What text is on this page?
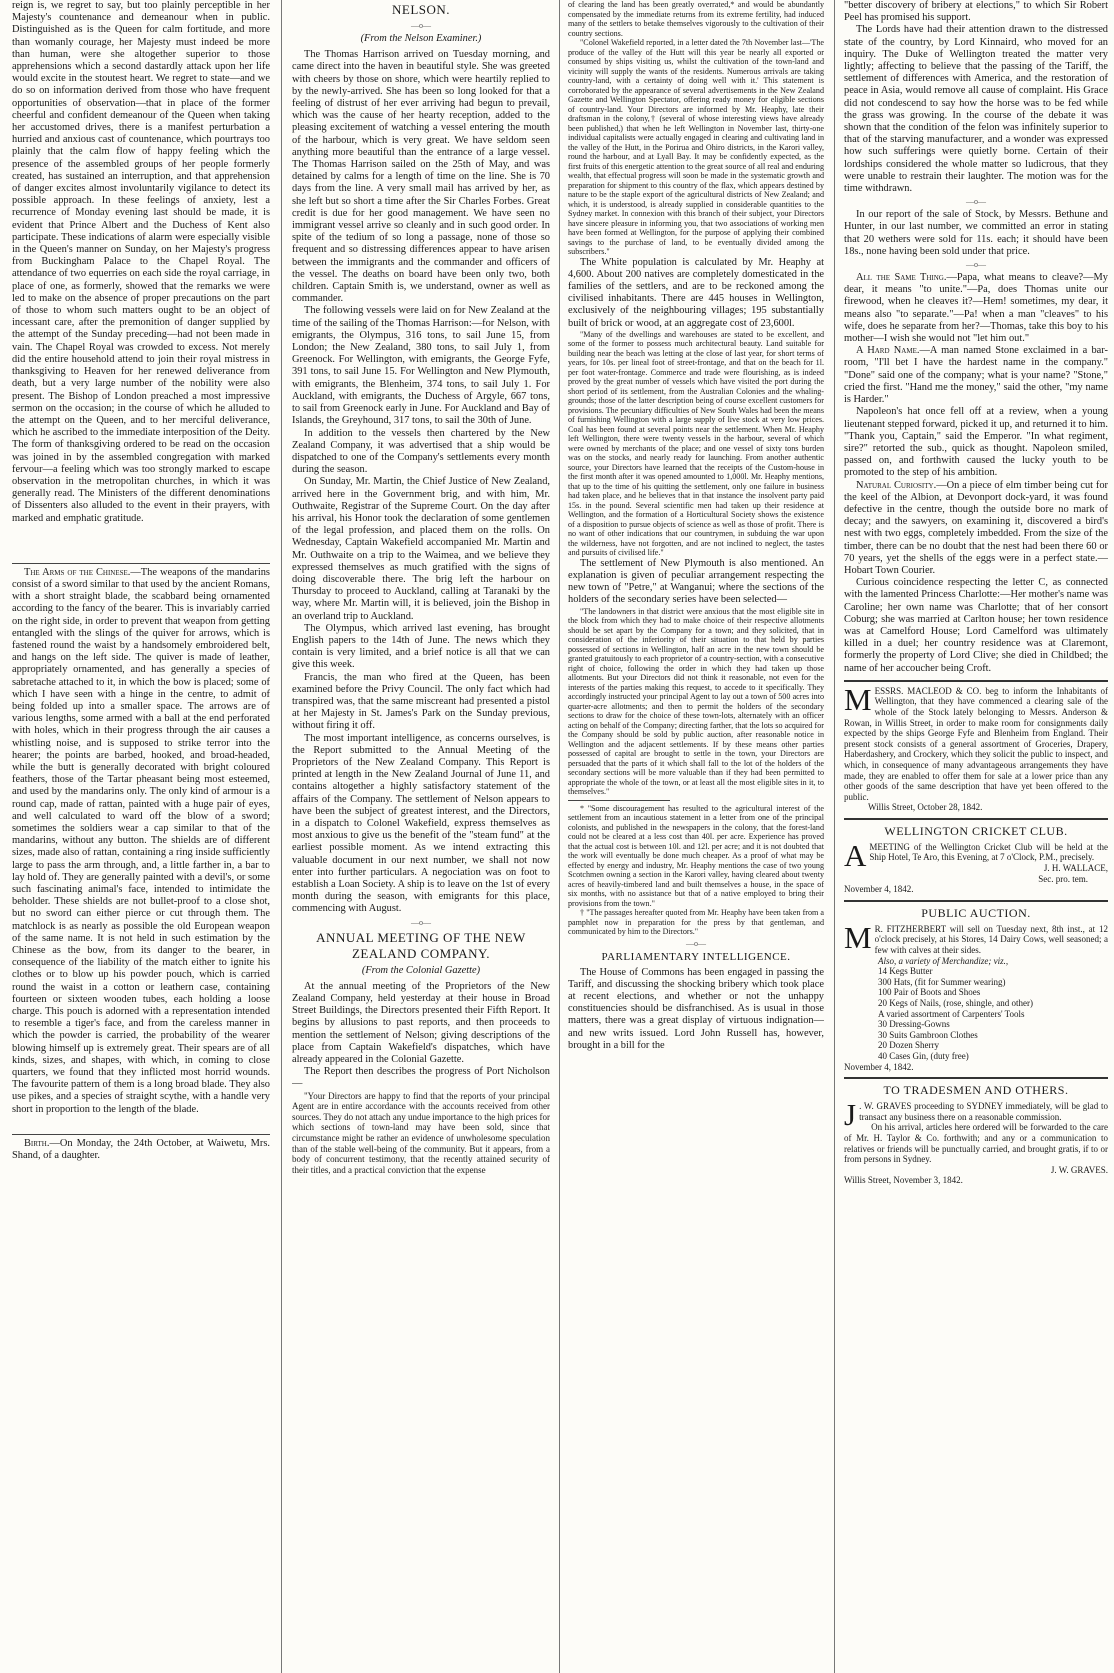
reign is, we regret to say, but too plainly perceptible in her Majesty's countenance and demeanour when in public. Distinguished as is the Queen for calm fortitude, and more than womanly courage, her Majesty must indeed be more than human, were she altogether superior to those apprehensions which a second dastardly attack upon her life would excite in the stoutest heart. We regret to state—and we do so on information derived from those who have frequent opportunities of observation—that in place of the former cheerful and confident demeanour of the Queen when taking her accustomed drives, there is a manifest perturbation a hurried and anxious cast of countenance, which pourtrays too plainly that the calm flow of happy feeling which the presence of the assembled groups of her people formerly created, has sustained an interruption, and that apprehension of danger excites almost involuntarily vigilance to detect its possible approach. In these feelings of anxiety, lest a recurrence of Monday evening last should be made, it is evident that Prince Albert and the Duchess of Kent also participate. These indications of alarm were especially visible in the Queen's manner on Sunday, on her Majesty's progress from Buckingham Palace to the Chapel Royal. The attendance of two equerries on each side the royal carriage, in place of one, as formerly, showed that the remarks we were led to make on the absence of proper precautions on the part of those to whom such matters ought to be an object of incessant care, after the premonition of danger supplied by the attempt of the Sunday preceding—had not been made in vain. The Chapel Royal was crowded to excess. Not merely did the entire household attend to join their royal mistress in thanksgiving to Heaven for her renewed deliverance from death, but a very large number of the nobility were also present. The Bishop of London preached a most impressive sermon on the occasion; in the course of which he alluded to the attempt on the Queen, and to her merciful deliverance, which he ascribed to the immediate interposition of the Deity. The form of thanksgiving ordered to be read on the occasion was joined in by the assembled congregation with marked fervour—a feeling which was too strongly marked to escape observation in the metropolitan churches, in which it was generally read. The Ministers of the different denominations of Dissenters also alluded to the event in their prayers, with marked and emphatic gratitude.

The Arms of the Chinese.—The weapons of the mandarins consist of a sword similar to that used by the ancient Romans, with a short straight blade, the scabbard being ornamented according to the fancy of the bearer. This is invariably carried on the right side, in order to prevent that weapon from getting entangled with the slings of the quiver for arrows, which is fastened round the waist by a handsomely embroidered belt, and hangs on the left side. The quiver is made of leather, appropriately ornamented, and has generally a species of sabretache attached to it, in which the bow is placed; some of which I have seen with a hinge in the centre, to admit of being folded up into a smaller space. The arrows are of various lengths, some armed with a ball at the end perforated with holes, which in their progress through the air causes a whistling noise, and is supposed to strike terror into the hearer; the points are barbed, hooked, and broad-headed, while the butt is generally decorated with bright coloured feathers, those of the Tartar pheasant being most esteemed, and used by the mandarins only. The only kind of armour is a round cap, made of rattan, painted with a huge pair of eyes, and well calculated to ward off the blow of a sword; sometimes the soldiers wear a cap similar to that of the mandarins, without any button. The shields are of different sizes, made also of rattan, containing a ring inside sufficiently large to pass the arm through, and, a little farther in, a bar to lay hold of. They are generally painted with a devil's, or some such fascinating animal's face, intended to intimidate the beholder. These shields are not bullet-proof to a close shot, but no sword can either pierce or cut through them. The matchlock is as nearly as possible the old European weapon of the same name. It is not held in such estimation by the Chinese as the bow, from its danger to the bearer, in consequence of the liability of the match either to ignite his clothes or to blow up his powder pouch, which is carried round the waist in a cotton or leathern case, containing fourteen or sixteen wooden tubes, each holding a loose charge. This pouch is adorned with a representation intended to resemble a tiger's face, and from the careless manner in which the powder is carried, the probability of the wearer blowing himself up is extremely great. Their spears are of all kinds, sizes, and shapes, with which, in coming to close quarters, we found that they inflicted most horrid wounds. The favourite pattern of them is a long broad blade. They also use pikes, and a species of straight scythe, with a handle very short in proportion to the length of the blade.

Birth.—On Monday, the 24th October, at Waiwetu, Mrs. Shand, of a daughter.

NELSON.
—o—
(From the Nelson Examiner.)

The Thomas Harrison arrived on Tuesday morning, and came direct into the haven in beautiful style. She was greeted with cheers by those on shore, which were heartily replied to by the newly-arrived. She has been so long looked for that a feeling of distrust of her ever arriving had begun to prevail, which was the cause of her hearty reception, added to the pleasing excitement of watching a vessel entering the mouth of the harbour, which is very great. We have seldom seen anything more beautiful than the entrance of a large vessel. The Thomas Harrison sailed on the 25th of May, and was detained by calms for a length of time on the line. She is 70 days from the line. A very small mail has arrived by her, as she left but so short a time after the Sir Charles Forbes. Great credit is due for her good management. We have seen no immigrant vessel arrive so cleanly and in such good order. In spite of the tedium of so long a passage, none of those so frequent and so distressing differences appear to have arisen between the immigrants and the commander and officers of the vessel. The deaths on board have been only two, both children. Captain Smith is, we understand, owner as well as commander.

The following vessels were laid on for New Zealand at the time of the sailing of the Thomas Harrison:—for Nelson, with emigrants, the Olympus, 316 tons, to sail June 15, from London; the New Zealand, 380 tons, to sail July 1, from Greenock. For Wellington, with emigrants, the George Fyfe, 391 tons, to sail June 15. For Wellington and New Plymouth, with emigrants, the Blenheim, 374 tons, to sail July 1. For Auckland, with emigrants, the Duchess of Argyle, 667 tons, to sail from Greenock early in June. For Auckland and Bay of Islands, the Greyhound, 317 tons, to sail the 30th of June.

In addition to the vessels then chartered by the New Zealand Company, it was advertised that a ship would be dispatched to one of the Company's settlements every month during the season.

On Sunday, Mr. Martin, the Chief Justice of New Zealand, arrived here in the Government brig, and with him, Mr. Outhwaite, Registrar of the Supreme Court. On the day after his arrival, his Honor took the declaration of some gentlemen of the legal profession, and placed them on the rolls. On Wednesday, Captain Wakefield accompanied Mr. Martin and Mr. Outhwaite on a trip to the Waimea, and we believe they expressed themselves as much gratified with the signs of doing discoverable there. The brig left the harbour on Thursday to proceed to Auckland, calling at Taranaki by the way, where Mr. Martin will, it is believed, join the Bishop in an overland trip to Auckland.

The Olympus, which arrived last evening, has brought English papers to the 14th of June. The news which they contain is very limited, and a brief notice is all that we can give this week.

Francis, the man who fired at the Queen, has been examined before the Privy Council. The only fact which had transpired was, that the same miscreant had presented a pistol at her Majesty in St. James's Park on the Sunday previous, without firing it off.

The most important intelligence, as concerns ourselves, is the Report submitted to the Annual Meeting of the Proprietors of the New Zealand Company. This Report is printed at length in the New Zealand Journal of June 11, and contains altogether a highly satisfactory statement of the affairs of the Company. The settlement of Nelson appears to have been the subject of greatest interest, and the Directors, in a dispatch to Colonel Wakefield, express themselves as most anxious to give us the benefit of the "steam fund" at the earliest possible moment. As we intend extracting this valuable document in our next number, we shall not now enter into further particulars. A negociation was on foot to establish a Loan Society. A ship is to leave on the 1st of every month during the season, with emigrants for this place, commencing with August.

—o—
ANNUAL MEETING OF THE NEW ZEALAND COMPANY.
(From the Colonial Gazette)

At the annual meeting of the Proprietors of the New Zealand Company, held yesterday at their house in Broad Street Buildings, the Directors presented their Fifth Report. It begins by allusions to past reports, and then proceeds to mention the settlement of Nelson; giving descriptions of the place from Captain Wakefield's dispatches, which have already appeared in the Colonial Gazette.

The Report then describes the progress of Port Nicholson—

"Your Directors are happy to find that the reports of your principal Agent are in entire accordance with the accounts received from other sources. They do not attach any undue importance to the high prices for which sections of town-land may have been sold, since that circumstance might be rather an evidence of unwholesome speculation than of the stable well-being of the community. But it appears, from a body of concurrent testimony, that the recently attained security of their titles, and a practical conviction that the expense

of clearing the land has been greatly overrated,* and would be abundantly compensated by the immediate returns from its extreme fertility, had induced many of the settlers to betake themselves vigorously to the cultivation of their country sections.

"Colonel Wakefield reported, in a letter dated the 7th November last—'The produce of the valley of the Hutt will this year be nearly all exported or consumed by ships visiting us, whilst the cultivation of the town-land and vicinity will supply the wants of the residents. Numerous arrivals are taking country-land, with a certainty of doing well with it.' This statement is corroborated by the appearance of several advertisements in the New Zealand Gazette and Wellington Spectator, offering ready money for eligible sections of country-land. Your Directors are informed by Mr. Heaphy, late their draftsman in the colony,† (several of whose interesting views have already been published,) that when he left Wellington in November last, thirty-one individual capitalists were actually engaged in clearing and cultivating land in the valley of the Hutt, in the Porirua and Ohiro districts, in the Karori valley, round the harbour, and at Lyall Bay. It may be confidently expected, as the first fruits of this energetic attention to the great source of all real and enduring wealth, that effectual progress will soon be made in the systematic growth and preparation for shipment to this country of the flax, which appears destined by nature to be the staple export of the agricultural districts of New Zealand; and which, it is understood, is already supplied in considerable quantities to the Sydney market. In connexion with this branch of their subject, your Directors have sincere pleasure in informing you, that two associations of working men have been formed at Wellington, for the purpose of applying their combined savings to the purchase of land, to be eventually divided among the subscribers."

The White population is calculated by Mr. Heaphy at 4,600. About 200 natives are completely domesticated in the families of the settlers, and are to be reckoned among the civilised inhabitants. There are 445 houses in Wellington, exclusively of the neighbouring villages; 195 substantially built of brick or wood, at an aggregate cost of 23,600l.

"Many of the dwellings and warehouses are stated to be excellent, and some of the former to possess much architectural beauty. Land suitable for building near the beach was letting at the close of last year, for short terms of years, for 10s. per lineal foot of street-frontage, and that on the beach for 1l. per foot water-frontage. Commerce and trade were flourishing, as is indeed proved by the great number of vessels which have visited the port during the short period of its settlement, from the Australian Colonies and the whaling-grounds; those of the latter description being of course excellent customers for provisions. The pecuniary difficulties of New South Wales had been the means of furnishing Wellington with a large supply of live stock at very low prices. Coal has been found at several points near the settlement. When Mr. Heaphy left Wellington, there were twenty vessels in the harbour, several of which were owned by merchants of the place; and one vessel of sixty tons burden was on the stocks, and nearly ready for launching. From another authentic source, your Directors have learned that the receipts of the Custom-house in the first month after it was opened amounted to 1,000l. Mr. Heaphy mentions, that up to the time of his quitting the settlement, only one failure in business had taken place, and he believes that in that instance the insolvent party paid 15s. in the pound. Several scientific men had taken up their residence at Wellington, and the formation of a Horticultural Society shows the existence of a disposition to pursue objects of science as well as those of profit. There is no want of other indications that our countrymen, in subduing the war upon the wilderness, have not forgotten, and are not inclined to neglect, the tastes and pursuits of civilised life."

The settlement of New Plymouth is also mentioned. An explanation is given of peculiar arrangement respecting the new town of "Petre," at Wanganui; where the sections of the holders of the secondary series have been selected—

"The landowners in that district were anxious that the most eligible site in the block from which they had to make choice of their respective allotments should be set apart by the Company for a town; and they solicited, that in consideration of the inferiority of their situation to that held by parties possessed of sections in Wellington, half an acre in the new town should be granted gratuitously to each proprietor of a country-section, with a consecutive right of choice, following the order in which they had taken up those allotments. But your Directors did not think it reasonable, not even for the interests of the parties making this request, to accede to it specifically. They accordingly instructed your principal Agent to lay out a town of 500 acres into quarter-acre allotments; and then to permit the holders of the secondary sections to draw for the choice of these town-lots, alternately with an officer acting on behalf of the Company; directing farther, that the lots so acquired for the Company should be sold by public auction, after reasonable notice in Wellington and the adjacent settlements. If by these means other parties possessed of capital are brought to settle in the town, your Directors are persuaded that the parts of it which shall fall to the lot of the holders of the secondary sections will be more valuable than if they had been permitted to appropriate the whole of the town, or at least all the most eligible sites in it, to themselves."

* "Some discouragement has resulted to the agricultural interest of the settlement from an incautious statement in a letter from one of the principal colonists, and published in the newspapers in the colony, that the forest-land could not be cleared at a less cost than 40l. per acre. Experience has proved that the actual cost is between 10l. and 12l. per acre; and it is not doubted that the work will eventually be done much cheaper. As a proof of what may be effected by energy and industry, Mr. Heaphy mentions the case of two young Scotchmen owning a section in the Karori valley, having cleared about twenty acres of heavily-timbered land and built themselves a house, in the space of six months, with no assistance but that of a native employed to bring their provisions from the town."

† "The passages hereafter quoted from Mr. Heaphy have been taken from a pamphlet now in preparation for the press by that gentleman, and communicated by him to the Directors."

—o—
PARLIAMENTARY INTELLIGENCE.

The House of Commons has been engaged in passing the Tariff, and discussing the shocking bribery which took place at recent elections, and whether or not the unhappy constituencies should be disfranchised. As is usual in those matters, there was a great display of virtuous indignation—and new writs issued. Lord John Russell has, however, brought in a bill for the

"better discovery of bribery at elections," to which Sir Robert Peel has promised his support.

The Lords have had their attention drawn to the distressed state of the country, by Lord Kinnaird, who moved for an inquiry. The Duke of Wellington treated the matter very lightly; affecting to believe that the passing of the Tariff, the settlement of differences with America, and the restoration of peace in Asia, would remove all cause of complaint. His Grace did not condescend to say how the horse was to be fed while the grass was growing. In the course of the debate it was shown that the condition of the felon was infinitely superior to that of the starving manufacturer, and a wonder was expressed how such sufferings were quietly borne. Certain of their lordships considered the whole matter so ludicrous, that they were unable to restrain their laughter. The motion was for the time withdrawn.

—o—

In our report of the sale of Stock, by Messrs. Bethune and Hunter, in our last number, we committed an error in stating that 20 wethers were sold for 11s. each; it should have been 18s., none having been sold under that price.

—o—

All the Same Thing.—Papa, what means to cleave?—My dear, it means "to unite."—Pa, does Thomas unite our firewood, when he cleaves it?—Hem! sometimes, my dear, it means also "to separate."—Pa! when a man "cleaves" to his wife, does he separate from her?—Thomas, take this boy to his mother—I wish she would not "let him out."

A Hard Name.—A man named Stone exclaimed in a bar-room, "I'll bet I have the hardest name in the company." "Done" said one of the company; what is your name? "Stone," cried the first. "Hand me the money," said the other, "my name is Harder."

Napoleon's hat once fell off at a review, when a young lieutenant stepped forward, picked it up, and returned it to him. "Thank you, Captain," said the Emperor. "In what regiment, sire?" retorted the sub., quick as thought. Napoleon smiled, passed on, and forthwith caused the lucky youth to be promoted to the step of his ambition.

Natural Curiosity.—On a piece of elm timber being cut for the keel of the Albion, at Devonport dock-yard, it was found defective in the centre, though the outside bore no mark of decay; and the sawyers, on examining it, discovered a bird's nest with two eggs, completely imbedded. From the size of the timber, there can be no doubt that the nest had been there 60 or 70 years, yet the shells of the eggs were in a perfect state.—Hobart Town Courier.

Curious coincidence respecting the letter C, as connected with the lamented Princess Charlotte:—Her mother's name was Caroline; her own name was Charlotte; that of her consort Coburg; she was married at Carlton house; her town residence was at Camelford House; Lord Camelford was ultimately killed in a duel; her country residence was at Claremont, formerly the property of Lord Clive; she died in Childbed; the name of her accoucher being Croft.

MESSRS. MACLEOD & CO. beg to inform the Inhabitants of Wellington, that they have commenced a clearing sale of the whole of the Stock lately belonging to Messrs. Anderson & Rowan, in Willis Street, in order to make room for consignments daily expected by the ships George Fyfe and Blenheim from England. Their present stock consists of a general assortment of Groceries, Drapery, Haberdashery, and Crockery, which they solicit the public to inspect, and which, in consequence of many advantageous arrangements they have made, they are enabled to offer them for sale at a lower price than any other goods of the same description that have yet been offered to the public.

Willis Street, October 28, 1842.

WELLINGTON CRICKET CLUB.

AMEETING of the Wellington Cricket Club will be held at the Ship Hotel, Te Aro, this Evening, at 7 o'Clock, P.M., precisely.

J. H. WALLACE,

Sec. pro. tem.

November 4, 1842.

PUBLIC AUCTION.

M R. FITZHERBERT will sell on Tuesday next, 8th inst., at 12 o'clock precisely, at his Stores, 14 Dairy Cows, well seasoned; a few with calves at their sides.

Also, a variety of Merchandize; viz.,

14 Kegs Butter

300 Hats, (fit for Summer wearing)

100 Pair of Boots and Shoes

20 Kegs of Nails, (rose, shingle, and other)

A varied assortment of Carpenters' Tools

30 Dressing-Gowns

30 Suits Gambroon Clothes

20 Dozen Sherry

40 Cases Gin, (duty free)

November 4, 1842.

TO TRADESMEN AND OTHERS.

J . W. GRAVES proceeding to SYDNEY immediately, will be glad to transact any business there on a reasonable commission.

On his arrival, articles here ordered will be forwarded to the care of Mr. H. Taylor & Co. forthwith; and any or a communication to relatives or friends will be punctually carried, and brought gratis, if to or from persons in Sydney.

J. W. GRAVES.

Willis Street, November 3, 1842.
